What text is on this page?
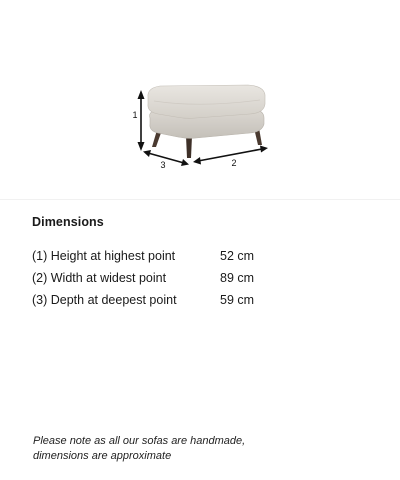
1
2
3
Dimensions
(1) Height at highest point	52 cm
(2) Width at widest point	89 cm
(3) Depth at deepest point	59 cm
Please note as all our sofas are handmade,
dimensions are approximate
